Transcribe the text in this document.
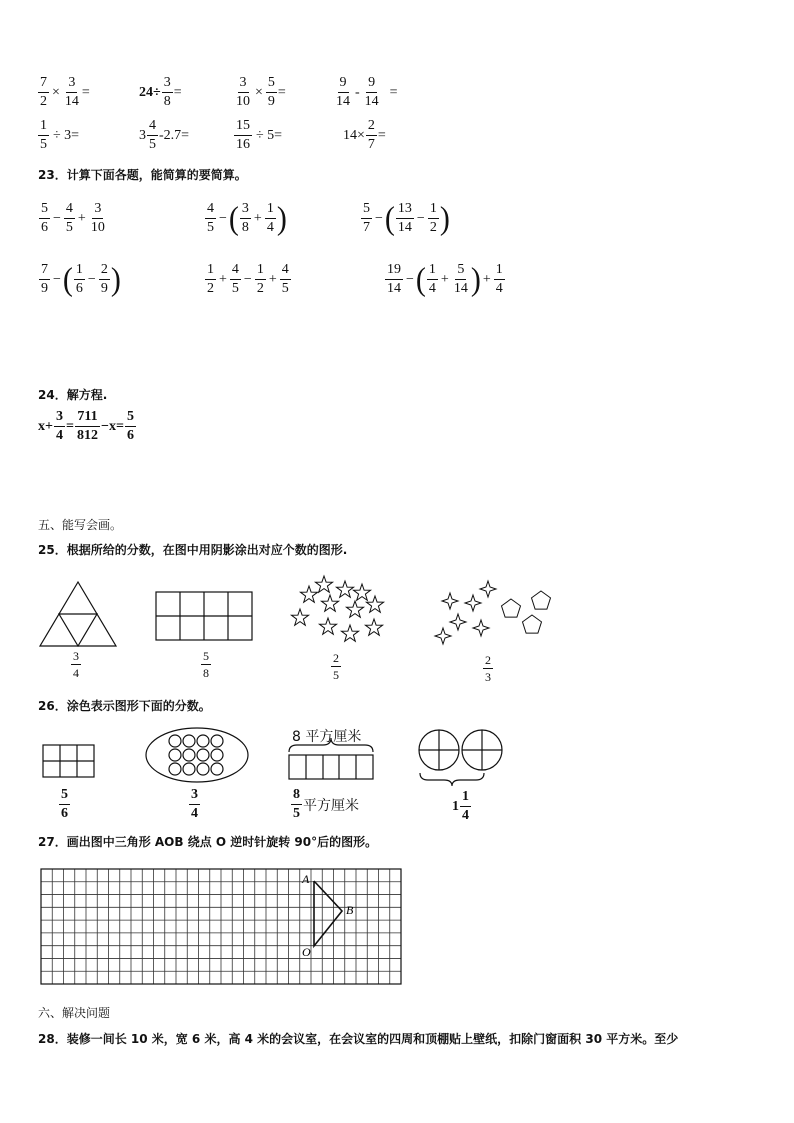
$\frac{7}{2} \times \frac{3}{14}$ =	$24\div \frac{3}{8}$ =	$\frac{3}{10} \times \frac{5}{9}$ =	$\frac{9}{14} - \frac{9}{14}$ =
$\frac{1}{5} \div 3=$	$3 \frac{4}{5} -2.7=$	$\frac{15}{16} \div 5=$	$14\times \frac{2}{7}$ =
23．计算下面各题，能简算的要简算。
$\frac{5}{6} - \frac{4}{5} + \frac{3}{10}$	$\frac{4}{5}$ − ( $\frac{3}{8} + \frac{1}{4}$ )	$\frac{5}{7}$ − ( $\frac{13}{14} - \frac{1}{2}$ )
$\frac{7}{9}$ − ( $\frac{1}{6} - \frac{2}{9}$ )	$\frac{1}{2} + \frac{4}{5} - \frac{1}{2} + \frac{4}{5}$	$\frac{19}{14}$ − ( $\frac{1}{4} + \frac{5}{14}$ ) + $\frac{1}{4}$
24．解方程.
$x+ \frac{3}{4} = \frac{711}{812} -x= \frac{5}{6}$
五、能写会画。
25．根据所给的分数，在图中用阴影涂出对应个数的图形.
$\frac{3}{4}$	$\frac{5}{8}$	$\frac{2}{5}$	$\frac{2}{3}$
26．涂色表示图形下面的分数。
8 平方厘米
$\frac{5}{6}$	$\frac{3}{4}$	$\frac{8}{5}$ 平方厘米	$1 \frac{1}{4}$
27．画出图中三角形 AOB 绕点 O 逆时针旋转 90°后的图形。
A
B
O
六、解决问题
28．装修一间长 10 米，宽 6 米，高 4 米的会议室，在会议室的四周和顶棚贴上壁纸，扣除门窗面积 30 平方米。至少
